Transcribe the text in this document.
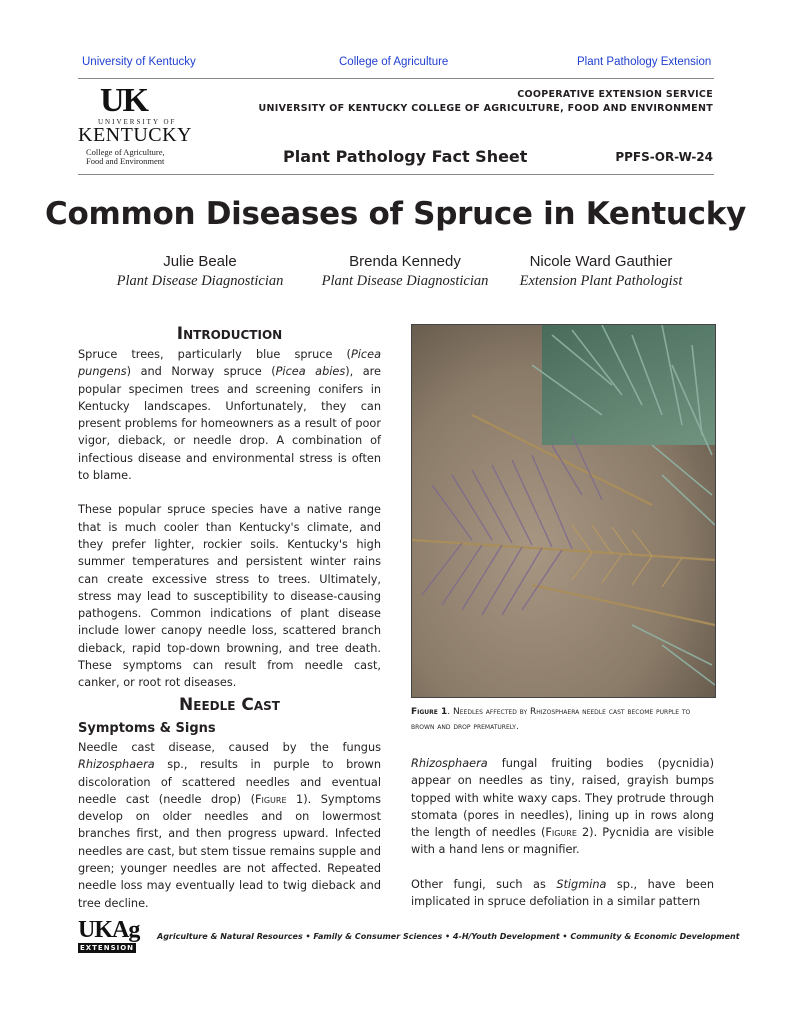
University of Kentucky	College of Agriculture	Plant Pathology Extension
UK
UNIVERSITY OF
KENTUCKY
College of Agriculture,
Food and Environment
COOPERATIVE EXTENSION SERVICE
UNIVERSITY OF KENTUCKY COLLEGE OF AGRICULTURE, FOOD AND ENVIRONMENT
Plant Pathology Fact Sheet	PPFS-OR-W-24
Common Diseases of Spruce in Kentucky
Julie Beale
Plant Disease Diagnostician
Brenda Kennedy
Plant Disease Diagnostician
Nicole Ward Gauthier
Extension Plant Pathologist
Introduction

Spruce trees, particularly blue spruce (Picea pungens) and Norway spruce (Picea abies), are popular specimen trees and screening conifers in Kentucky landscapes. Unfortunately, they can present problems for homeowners as a result of poor vigor, dieback, or needle drop. A combination of infectious disease and environmental stress is often to blame.

These popular spruce species have a native range that is much cooler than Kentucky's climate, and they prefer lighter, rockier soils. Kentucky's high summer temperatures and persistent winter rains can create excessive stress to trees. Ultimately, stress may lead to susceptibility to disease-causing pathogens. Common indications of plant disease include lower canopy needle loss, scattered branch dieback, rapid top-down browning, and tree death. These symptoms can result from needle cast, canker, or root rot diseases.

Needle Cast
Symptoms & Signs

Needle cast disease, caused by the fungus Rhizosphaera sp., results in purple to brown discoloration of scattered needles and eventual needle cast (needle drop) (Figure 1). Symptoms develop on older needles and on lowermost branches first, and then progress upward. Infected needles are cast, but stem tissue remains supple and green; younger needles are not affected. Repeated needle loss may eventually lead to twig dieback and tree decline.

Figure 1. Needles affected by Rhizosphaera needle cast become purple to brown and drop prematurely.

Rhizosphaera fungal fruiting bodies (pycnidia) appear on needles as tiny, raised, grayish bumps topped with white waxy caps. They protrude through stomata (pores in needles), lining up in rows along the length of needles (Figure 2). Pycnidia are visible with a hand lens or magnifier.

Other fungi, such as Stigmina sp., have been implicated in spruce defoliation in a similar pattern

UKAg
EXTENSION
Agriculture & Natural Resources • Family & Consumer Sciences • 4-H/Youth Development • Community & Economic Development
